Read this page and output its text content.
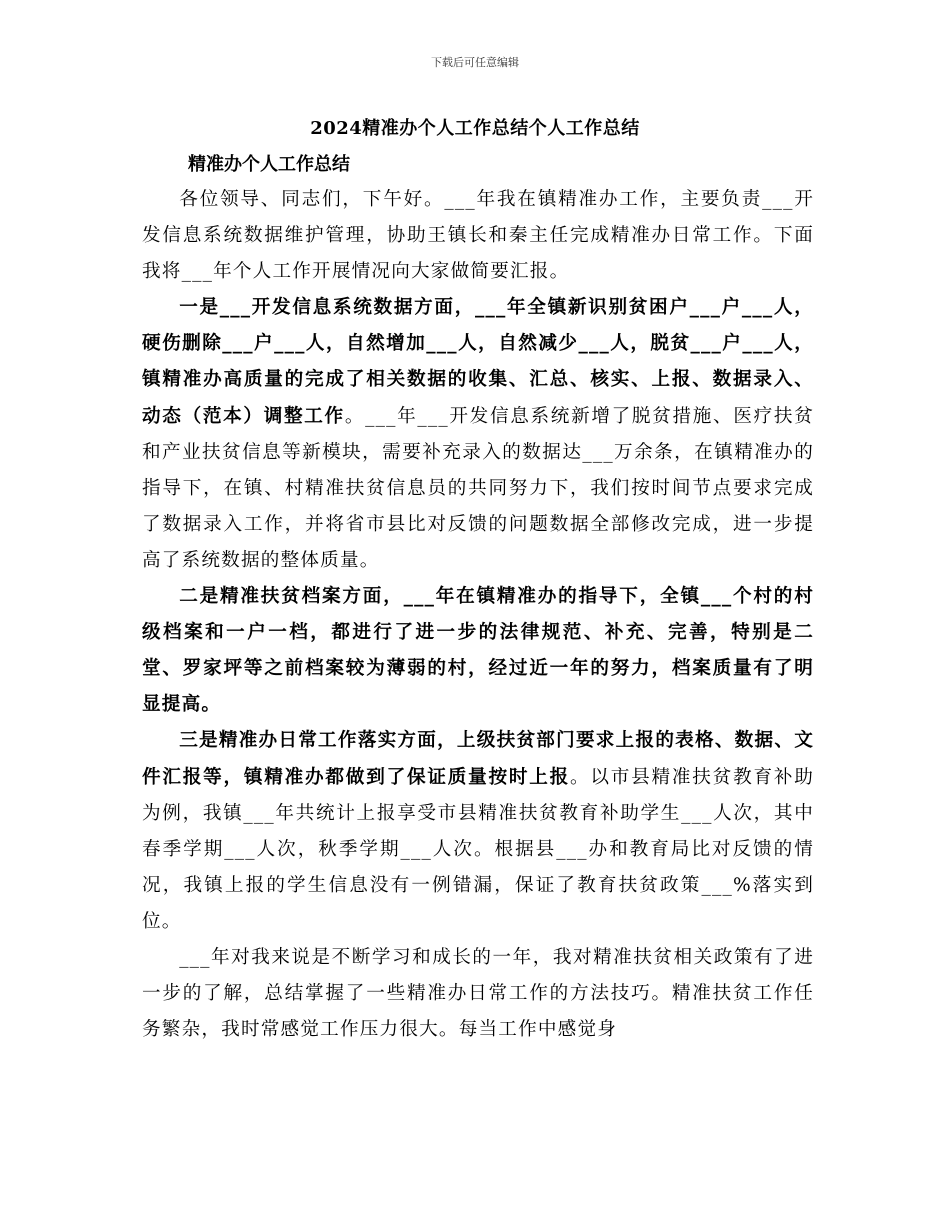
下载后可任意编辑
2024精准办个人工作总结个人工作总结
精准办个人工作总结

各位领导、同志们，下午好。___年我在镇精准办工作，主要负责___开发信息系统数据维护管理，协助王镇长和秦主任完成精准办日常工作。下面我将___年个人工作开展情况向大家做简要汇报。

一是___开发信息系统数据方面，___年全镇新识别贫困户___户___人，硬伤删除___户___人，自然增加___人，自然减少___人，脱贫___户___人，镇精准办高质量的完成了相关数据的收集、汇总、核实、上报、数据录入、动态（范本）调整工作。___年___开发信息系统新增了脱贫措施、医疗扶贫和产业扶贫信息等新模块，需要补充录入的数据达___万余条，在镇精准办的指导下，在镇、村精准扶贫信息员的共同努力下，我们按时间节点要求完成了数据录入工作，并将省市县比对反馈的问题数据全部修改完成，进一步提高了系统数据的整体质量。

二是精准扶贫档案方面，___年在镇精准办的指导下，全镇___个村的村级档案和一户一档，都进行了进一步的法律规范、补充、完善，特别是二堂、罗家坪等之前档案较为薄弱的村，经过近一年的努力，档案质量有了明显提高。

三是精准办日常工作落实方面，上级扶贫部门要求上报的表格、数据、文件汇报等，镇精准办都做到了保证质量按时上报。以市县精准扶贫教育补助为例，我镇___年共统计上报享受市县精准扶贫教育补助学生___人次，其中春季学期___人次，秋季学期___人次。根据县___办和教育局比对反馈的情况，我镇上报的学生信息没有一例错漏，保证了教育扶贫政策___%落实到位。

___年对我来说是不断学习和成长的一年，我对精准扶贫相关政策有了进一步的了解，总结掌握了一些精准办日常工作的方法技巧。精准扶贫工作任务繁杂，我时常感觉工作压力很大。每当工作中感觉身
